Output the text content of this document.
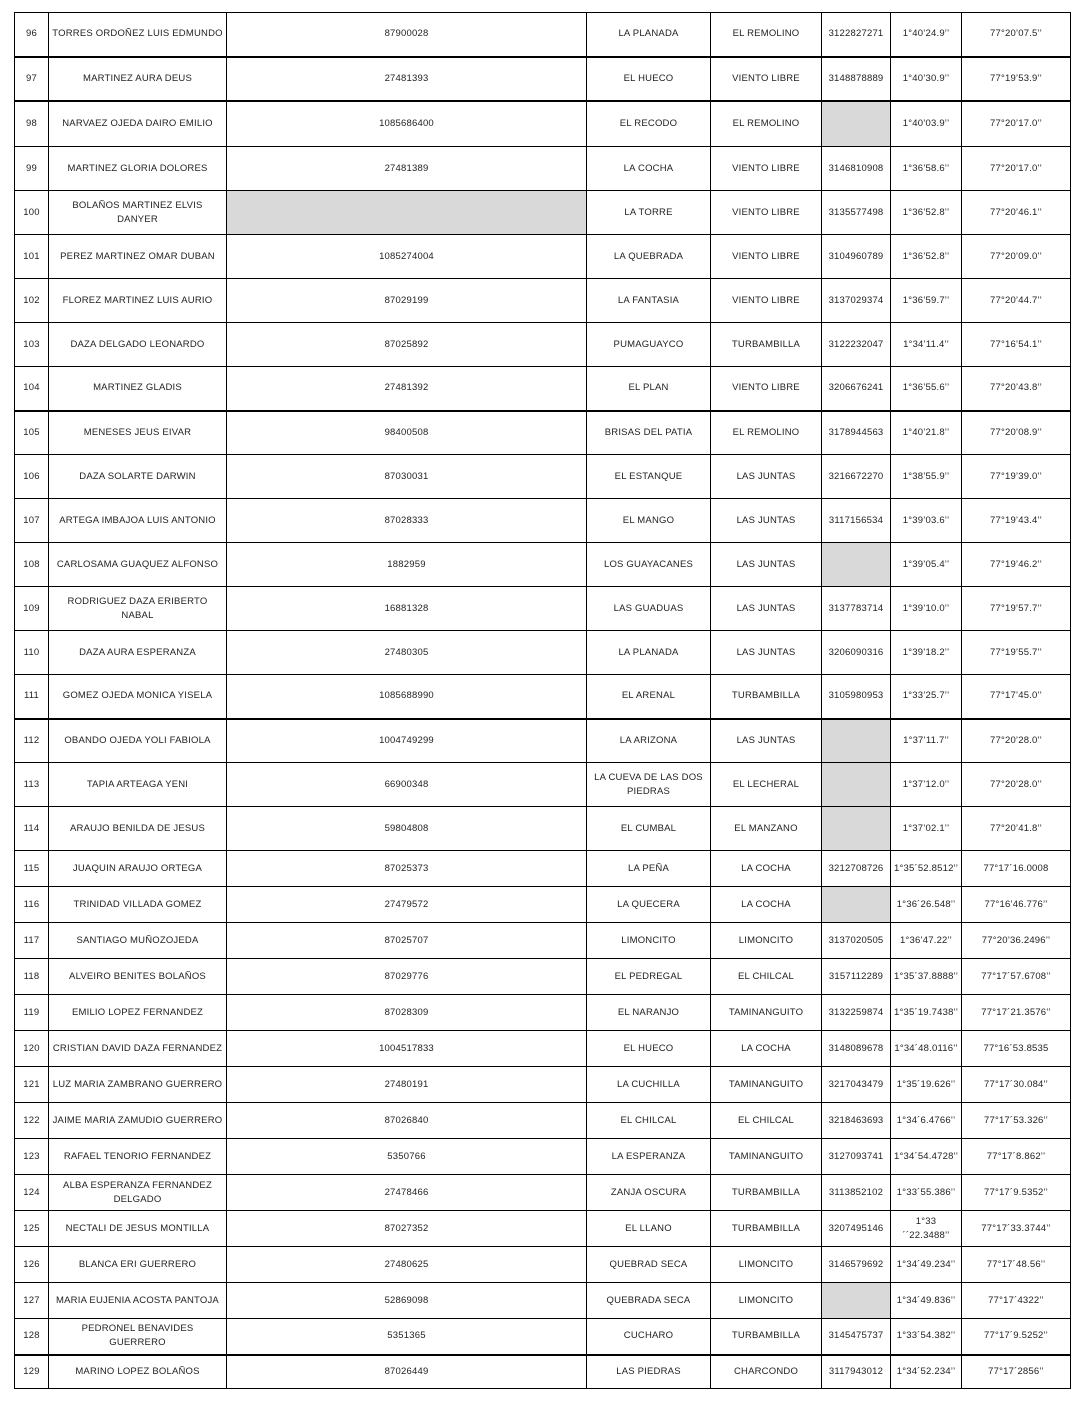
96	TORRES ORDOÑEZ LUIS EDMUNDO	87900028	LA PLANADA	EL REMOLINO	3122827271	1°40’24.9’’	77°20’07.5’’
97	MARTINEZ AURA DEUS	27481393	EL HUECO	VIENTO LIBRE	3148878889	1°40’30.9’’	77°19’53.9’’
98	NARVAEZ OJEDA DAIRO EMILIO	1085686400	EL RECODO	EL REMOLINO		1°40’03.9’’	77°20’17.0’’
99	MARTINEZ GLORIA DOLORES	27481389	LA COCHA	VIENTO LIBRE	3146810908	1°36’58.6’’	77°20’17.0’’
100	BOLAÑOS MARTINEZ ELVIS DANYER		LA TORRE	VIENTO LIBRE	3135577498	1°36’52.8’’	77°20’46.1’’
101	PEREZ MARTINEZ OMAR DUBAN	1085274004	LA QUEBRADA	VIENTO LIBRE	3104960789	1°36’52.8’’	77°20’09.0’’
102	FLOREZ MARTINEZ LUIS AURIO	87029199	LA FANTASIA	VIENTO LIBRE	3137029374	1°36’59.7’’	77°20’44.7’’
103	DAZA DELGADO LEONARDO	87025892	PUMAGUAYCO	TURBAMBILLA	3122232047	1°34’11.4’’	77°16’54.1’’
104	MARTINEZ GLADIS	27481392	EL PLAN	VIENTO LIBRE	3206676241	1°36’55.6’’	77°20’43.8’’
105	MENESES JEUS EIVAR	98400508	BRISAS DEL PATIA	EL REMOLINO	3178944563	1°40’21.8’’	77°20’08.9’’
106	DAZA SOLARTE DARWIN	87030031	EL ESTANQUE	LAS JUNTAS	3216672270	1°38’55.9’’	77°19’39.0’’
107	ARTEGA IMBAJOA LUIS ANTONIO	87028333	EL MANGO	LAS JUNTAS	3117156534	1°39’03.6’’	77°19’43.4’’
108	CARLOSAMA GUAQUEZ ALFONSO	1882959	LOS GUAYACANES	LAS JUNTAS		1°39’05.4’’	77°19’46.2’’
109	RODRIGUEZ DAZA ERIBERTO NABAL	16881328	LAS GUADUAS	LAS JUNTAS	3137783714	1°39’10.0’’	77°19’57.7’’
110	DAZA AURA ESPERANZA	27480305	LA PLANADA	LAS JUNTAS	3206090316	1°39’18.2’’	77°19’55.7’’
111	GOMEZ OJEDA MONICA YISELA	1085688990	EL ARENAL	TURBAMBILLA	3105980953	1°33’25.7’’	77°17’45.0’’
112	OBANDO OJEDA YOLI FABIOLA	1004749299	LA ARIZONA	LAS JUNTAS		1°37’11.7’’	77°20’28.0’’
113	TAPIA ARTEAGA YENI	66900348	LA CUEVA DE LAS DOS PIEDRAS	EL LECHERAL		1°37’12.0’’	77°20’28.0’’
114	ARAUJO BENILDA DE JESUS	59804808	EL CUMBAL	EL MANZANO		1°37’02.1’’	77°20’41.8’’
115	JUAQUIN ARAUJO ORTEGA	87025373	LA PEÑA	LA COCHA	3212708726	1°35´52.8512’’	77°17´16.0008
116	TRINIDAD VILLADA GOMEZ	27479572	LA QUECERA	LA COCHA		1°36´26.548’’	77°16’46.776’’
117	SANTIAGO MUÑOZOJEDA	87025707	LIMONCITO	LIMONCITO	3137020505	1°36’47.22’’	77°20’36.2496’’
118	ALVEIRO BENITES BOLAÑOS	87029776	EL PEDREGAL	EL CHILCAL	3157112289	1°35´37.8888’’	77°17´57.6708’’
119	EMILIO LOPEZ FERNANDEZ	87028309	EL NARANJO	TAMINANGUITO	3132259874	1°35´19.7438’’	77°17´21.3576’’
120	CRISTIAN DAVID DAZA FERNANDEZ	1004517833	EL HUECO	LA COCHA	3148089678	1°34´48.0116’’	77°16´53.8535
121	LUZ MARIA ZAMBRANO GUERRERO	27480191	LA CUCHILLA	TAMINANGUITO	3217043479	1°35´19.626’’	77°17´30.084’’
122	JAIME MARIA ZAMUDIO GUERRERO	87026840	EL CHILCAL	EL CHILCAL	3218463693	1°34´6.4766’’	77°17´53.326’’
123	RAFAEL TENORIO FERNANDEZ	5350766	LA ESPERANZA	TAMINANGUITO	3127093741	1°34´54.4728’’	77°17´8.862’’
124	ALBA ESPERANZA FERNANDEZ DELGADO	27478466	ZANJA OSCURA	TURBAMBILLA	3113852102	1°33´55.386’’	77°17´9.5352’’
125	NECTALI DE JESUS MONTILLA	87027352	EL LLANO	TURBAMBILLA	3207495146	1°33´´22.3488’’	77°17´33.3744’’
126	BLANCA ERI GUERRERO	27480625	QUEBRAD SECA	LIMONCITO	3146579692	1°34´49.234’’	77°17´48.56’’
127	MARIA EUJENIA ACOSTA PANTOJA	52869098	QUEBRADA SECA	LIMONCITO		1°34´49.836’’	77°17´4322’’
128	PEDRONEL BENAVIDES GUERRERO	5351365	CUCHARO	TURBAMBILLA	3145475737	1°33´54.382’’	77°17´9.5252’’
129	MARINO LOPEZ BOLAÑOS	87026449	LAS PIEDRAS	CHARCONDO	3117943012	1°34´52.234’’	77°17´2856’’
